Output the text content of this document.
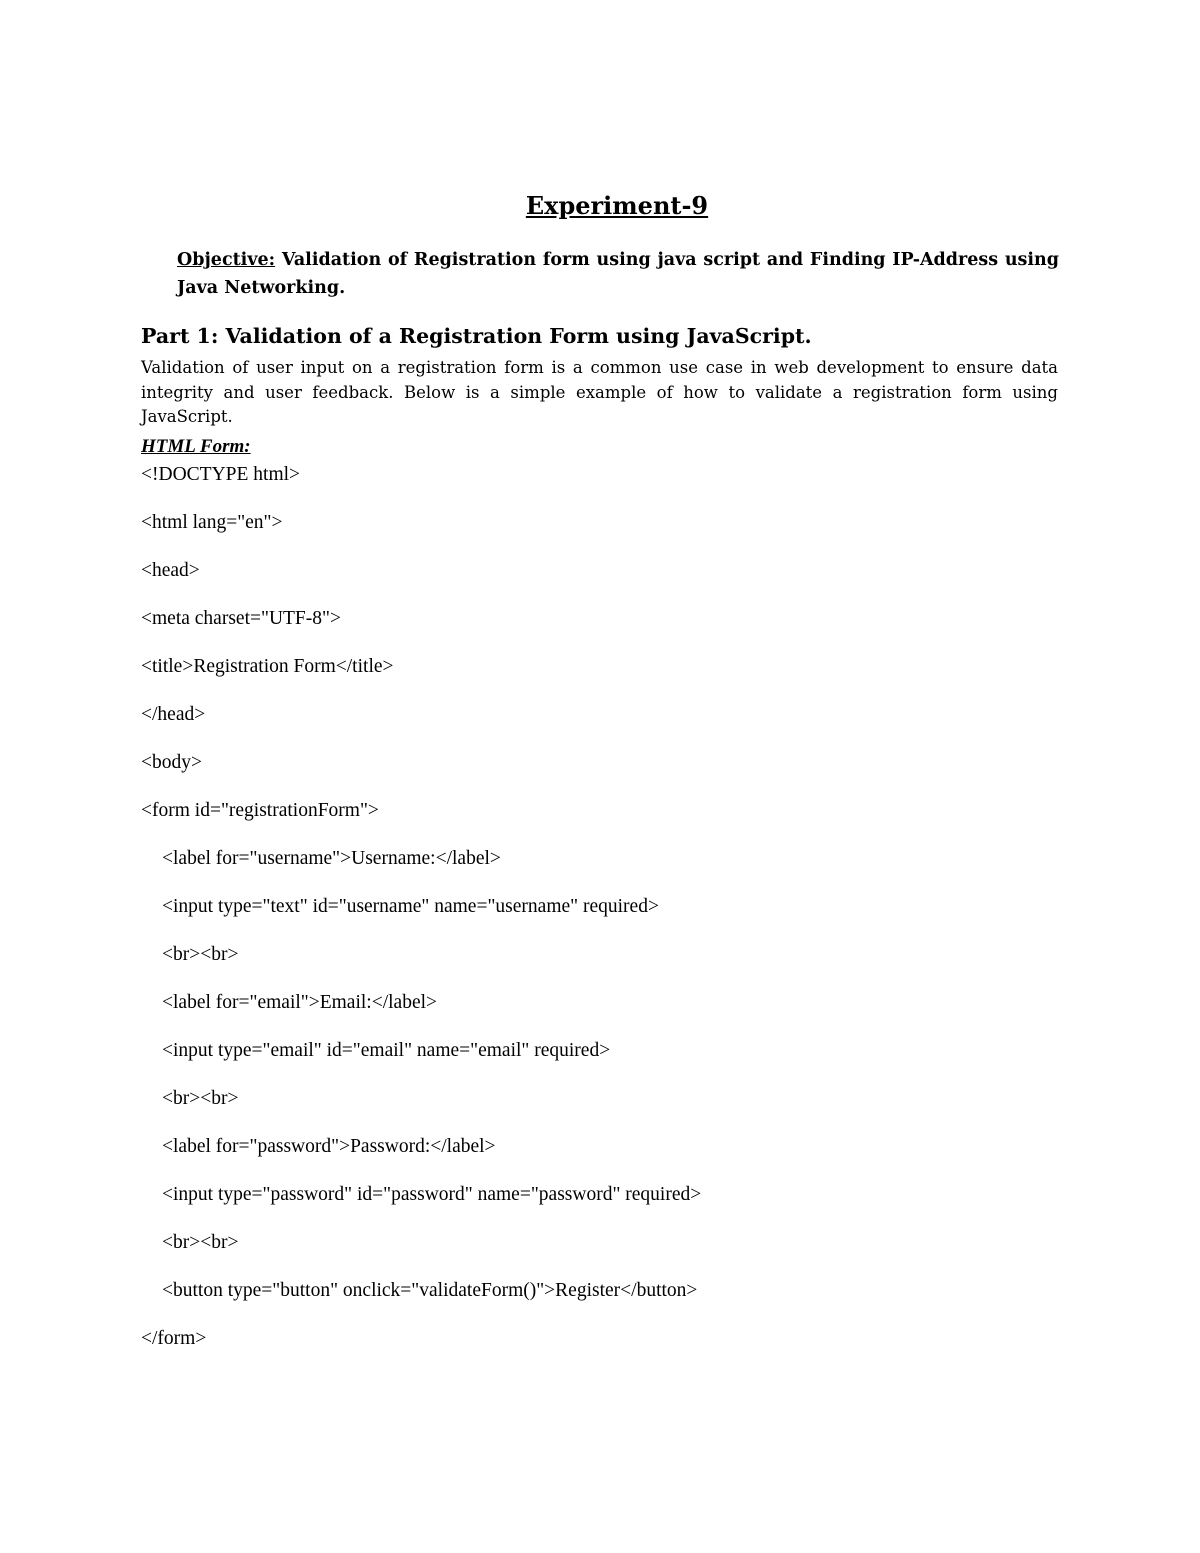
Experiment-9
Objective: Validation of Registration form using java script and Finding IP-Address using Java Networking.
Part 1: Validation of a Registration Form using JavaScript.
Validation of user input on a registration form is a common use case in web development to ensure data integrity and user feedback. Below is a simple example of how to validate a registration form using JavaScript.
HTML Form:
<!DOCTYPE html>
<html lang="en">
<head>
<meta charset="UTF-8">
<title>Registration Form</title>
</head>
<body>
<form id="registrationForm">
<label for="username">Username:</label>
<input type="text" id="username" name="username" required>
<br><br>
<label for="email">Email:</label>
<input type="email" id="email" name="email" required>
<br><br>
<label for="password">Password:</label>
<input type="password" id="password" name="password" required>
<br><br>
<button type="button" onclick="validateForm()">Register</button>
</form>
